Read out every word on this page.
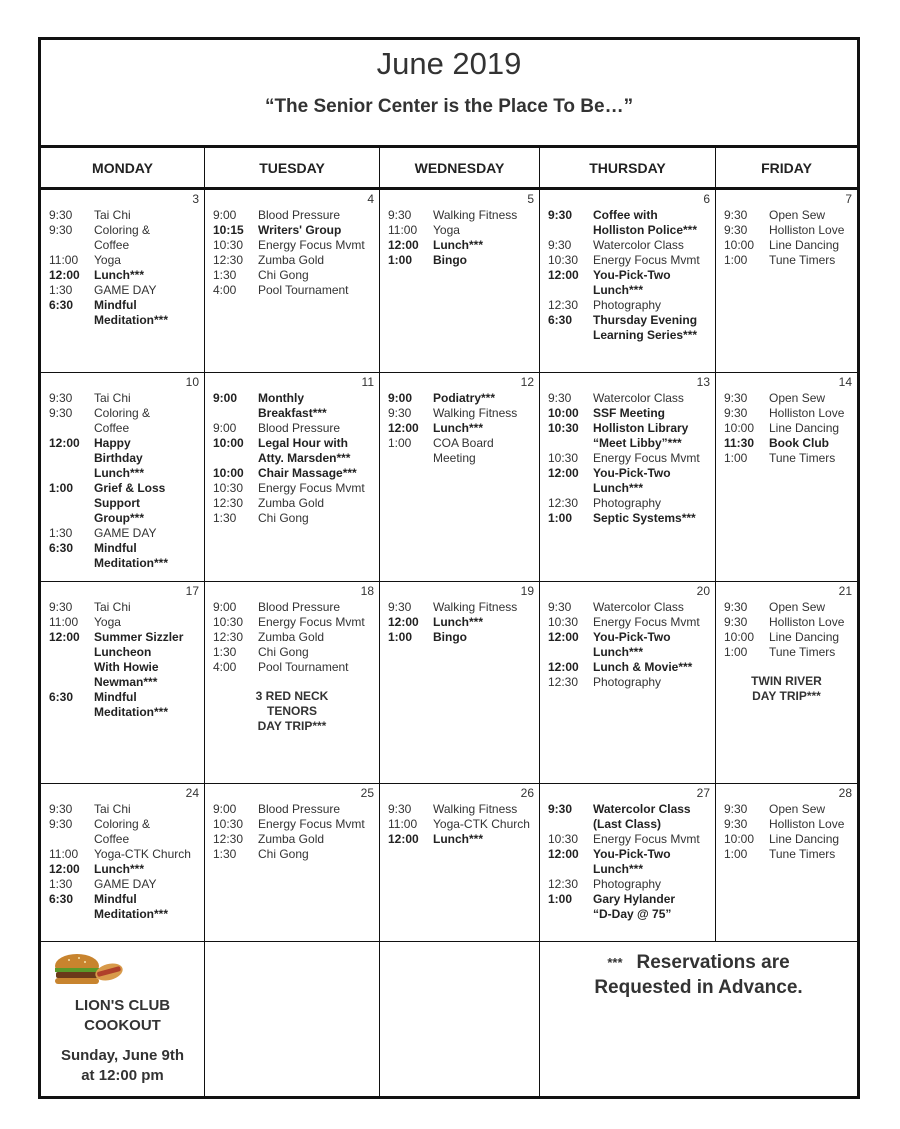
June 2019
“The Senior Center is the Place To Be…”
MONDAY	TUESDAY	WEDNESDAY	THURSDAY	FRIDAY
3
9:30	Tai Chi
9:30	Coloring &
Coffee
11:00	Yoga
12:00	Lunch***
1:30	GAME DAY
6:30	Mindful
Meditation***
4
9:00	Blood Pressure
10:15	Writers' Group
10:30	Energy Focus Mvmt
12:30	Zumba Gold
1:30	Chi Gong
4:00	Pool Tournament
5
9:30	Walking Fitness
11:00	Yoga
12:00	Lunch***
1:00	Bingo
6
9:30	Coffee with
Holliston Police***
9:30	Watercolor Class
10:30	Energy Focus Mvmt
12:00	You-Pick-Two
Lunch***
12:30	Photography
6:30	Thursday Evening
Learning Series***
7
9:30	Open Sew
9:30	Holliston Love
10:00	Line Dancing
1:00	Tune Timers
10
9:30	Tai Chi
9:30	Coloring &
Coffee
12:00	Happy
Birthday
Lunch***
1:00	Grief & Loss
Support
Group***
1:30	GAME DAY
6:30	Mindful
Meditation***
11
9:00	Monthly
Breakfast***
9:00	Blood Pressure
10:00	Legal Hour with
Atty. Marsden***
10:00	Chair Massage***
10:30	Energy Focus Mvmt
12:30	Zumba Gold
1:30	Chi Gong
12
9:00	Podiatry***
9:30	Walking Fitness
12:00	Lunch***
1:00	COA Board
Meeting
13
9:30	Watercolor Class
10:00	SSF Meeting
10:30	Holliston Library
“Meet Libby”***
10:30	Energy Focus Mvmt
12:00	You-Pick-Two
Lunch***
12:30	Photography
1:00	Septic Systems***
14
9:30	Open Sew
9:30	Holliston Love
10:00	Line Dancing
11:30	Book Club
1:00	Tune Timers
17
9:30	Tai Chi
11:00	Yoga
12:00	Summer Sizzler
Luncheon
With Howie
Newman***
6:30	Mindful
Meditation***
18
9:00	Blood Pressure
10:30	Energy Focus Mvmt
12:30	Zumba Gold
1:30	Chi Gong
4:00	Pool Tournament
3 RED NECK
TENORS
DAY TRIP***
19
9:30	Walking Fitness
12:00	Lunch***
1:00	Bingo
20
9:30	Watercolor Class
10:30	Energy Focus Mvmt
12:00	You-Pick-Two
Lunch***
12:00	Lunch & Movie***
12:30	Photography
21
9:30	Open Sew
9:30	Holliston Love
10:00	Line Dancing
1:00	Tune Timers
TWIN RIVER
DAY TRIP***
24
9:30	Tai Chi
9:30	Coloring &
Coffee
11:00	Yoga-CTK Church
12:00	Lunch***
1:30	GAME DAY
6:30	Mindful
Meditation***
25
9:00	Blood Pressure
10:30	Energy Focus Mvmt
12:30	Zumba Gold
1:30	Chi Gong
26
9:30	Walking Fitness
11:00	Yoga-CTK Church
12:00	Lunch***
27
9:30	Watercolor Class
(Last Class)
10:30	Energy Focus Mvmt
12:00	You-Pick-Two
Lunch***
12:30	Photography
1:00	Gary Hylander
“D-Day @ 75”
28
9:30	Open Sew
9:30	Holliston Love
10:00	Line Dancing
1:00	Tune Timers
LION'S CLUB
COOKOUT
Sunday, June 9th
at 12:00 pm
*** Reservations are
Requested in Advance.
